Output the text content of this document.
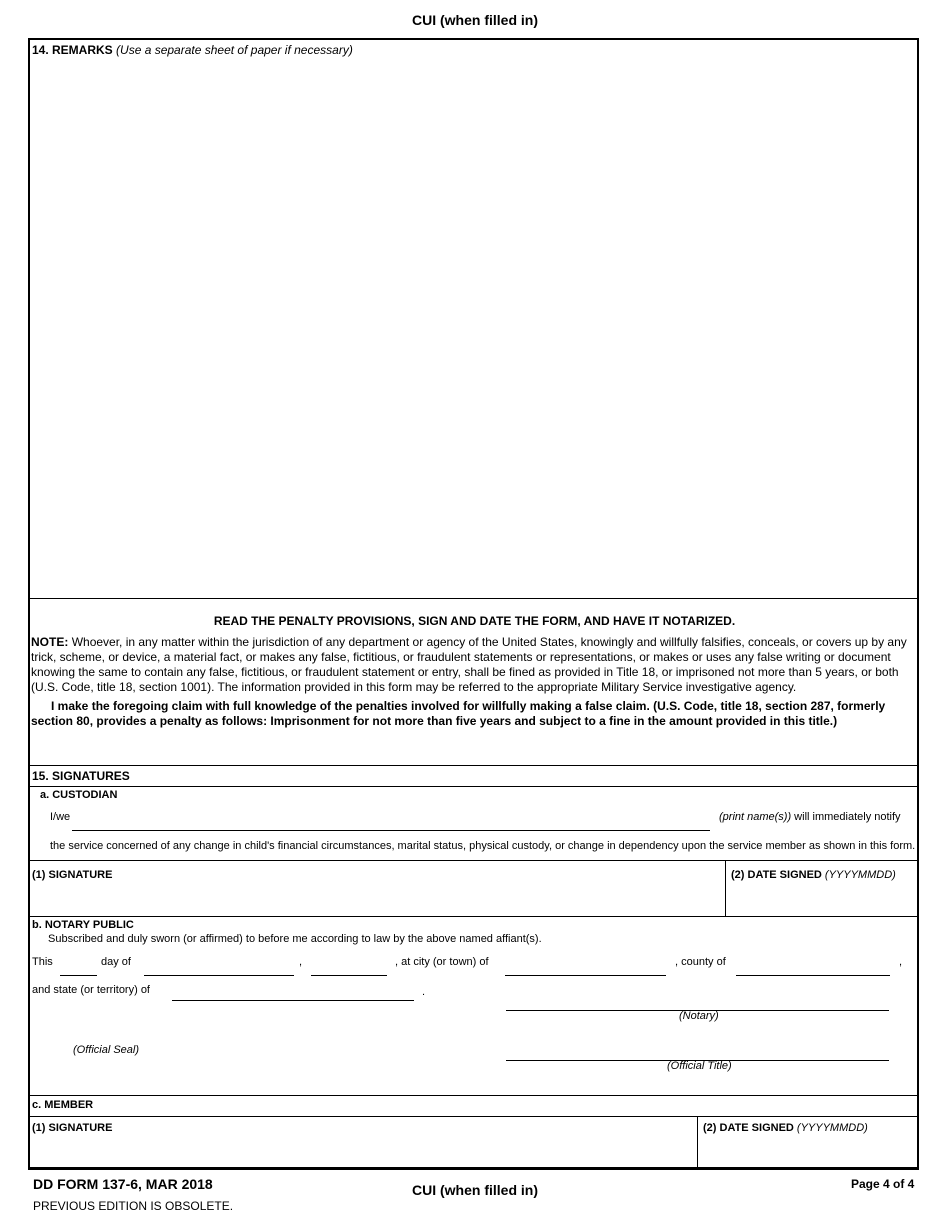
CUI (when filled in)
14. REMARKS (Use a separate sheet of paper if necessary)
READ THE PENALTY PROVISIONS, SIGN AND DATE THE FORM, AND HAVE IT NOTARIZED.
NOTE: Whoever, in any matter within the jurisdiction of any department or agency of the United States, knowingly and willfully falsifies, conceals, or covers up by any trick, scheme, or device, a material fact, or makes any false, fictitious, or fraudulent statements or representations, or makes or uses any false writing or document knowing the same to contain any false, fictitious, or fraudulent statement or entry, shall be fined as provided in Title 18, or imprisoned not more than 5 years, or both (U.S. Code, title 18, section 1001). The information provided in this form may be referred to the appropriate Military Service investigative agency.
I make the foregoing claim with full knowledge of the penalties involved for willfully making a false claim. (U.S. Code, title 18, section 287, formerly section 80, provides a penalty as follows: Imprisonment for not more than five years and subject to a fine in the amount provided in this title.)
15. SIGNATURES
a. CUSTODIAN
I/we	(print name(s)) will immediately notify
the service concerned of any change in child's financial circumstances, marital status, physical custody, or change in dependency upon the service member as shown in this form.
(1) SIGNATURE	(2) DATE SIGNED (YYYYMMDD)
b. NOTARY PUBLIC
Subscribed and duly sworn (or affirmed) to before me according to law by the above named affiant(s).
This	day of	,	, at city (or town) of	, county of	,
and state (or territory) of	.
(Notary)
(Official Seal)
(Official Title)
c. MEMBER
(1) SIGNATURE	(2) DATE SIGNED (YYYYMMDD)
DD FORM 137-6, MAR 2018
PREVIOUS EDITION IS OBSOLETE.
CUI (when filled in)	Page 4 of 4
